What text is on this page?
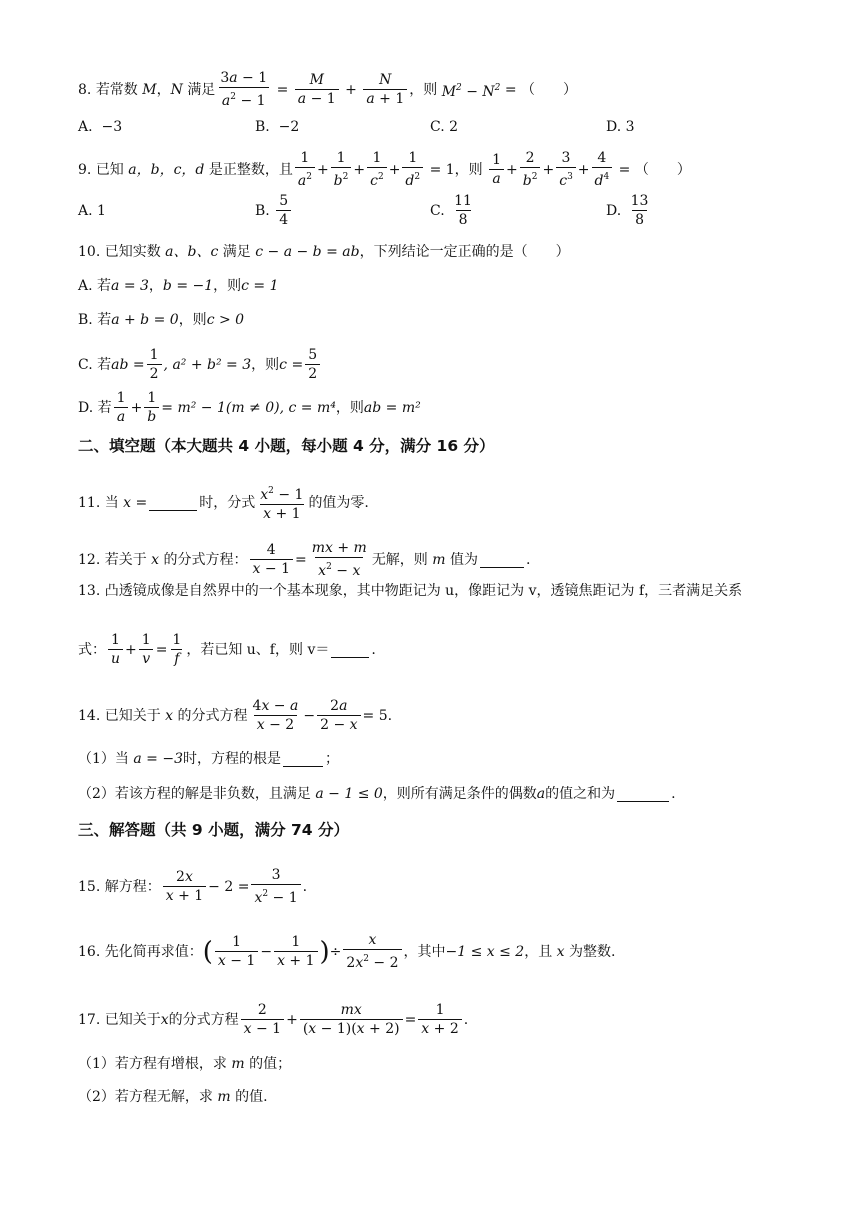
8.
若常数
M ， N
满足 $\frac{3a - 1}{a^2 - 1} = \frac{M}{a - 1} + \frac{N}{a + 1}$ ，则
$M^2 - N^2$ = （　　）
A.
−3	B.
−2	C. 2	D. 3
9.
已知
a，b，c，d
是正整数，且
1
$a^2$ +
1
$b^2$ +
1
$c^2$ +
1
$d^2 = 1$ ，则

1
a
+
2
$b^2$ +
3
$c^3$ +
4
$d^4$ = （　　）
A. 1	B.

5
4
C.

11
8
D.

13
8
10.
已知实数
a、b、c
满足
c − a − b = ab ，下列结论一定正确的是（　　）
A.
若 a = 3 ， b = −1 ，则 c = 1
B.
若 a + b = 0 ，则 c > 0
C.
若 ab = $\frac{1}{2}$ , a² + b² = 3 ，则 $c = \frac{5}{2}$
D.
若
1
a
+ $\frac{1}{b} = m^2 - 1(m \ne 0)$, c = m⁴ ，则 ab = m²
二、填空题（本大题共 4 小题，每小题 4 分，满分 16 分）
11.
当
x =	时，分式 $x^2 - 1$
x + 1
的值为零.
12.
若关于
x
的分式方程：
4
x − 1
=
mx + m
$x^2 - x$
无解，则
m
值为	.
13.
凸透镜成像是自然界中的一个基本现象，其中物距记为 u，像距记为 v，透镜焦距记为 f，三者满足关系
式：
1
u
+
1
v
=
1
f
，若已知 u、f，则 v＝	.
14.
已知关于
x
的分式方程
4x − a
x − 2
− $\frac{2a}{2 - x} = 5$.
（1）当
a = −3 时，方程的根是	；
（2）若该方程的解是非负数，且满足
a − 1 ≤ 0 ，则所有满足条件的偶数 a 的值之和为	.
三、解答题（共 9 小题，满分 74 分）
15.
解方程：
2x
x + 1
− $2 = \frac{3}{x^2 - 1}$ .
16.
先化简再求值： ( 1
x − 1
−
1
x + 1 ) ÷ $\frac{x}{2x^2 - 2}$ ，其中 −1 ≤ x ≤ 2 ，且
x
为整数.
17.
已知关于 x 的分式方程
2
x − 1
+ $\frac{mx}{(x - 1)(x + 2)} = \frac{1}{x + 2}$ .
（1）若方程有增根，求
m
的值；
（2）若方程无解，求
m
的值.
